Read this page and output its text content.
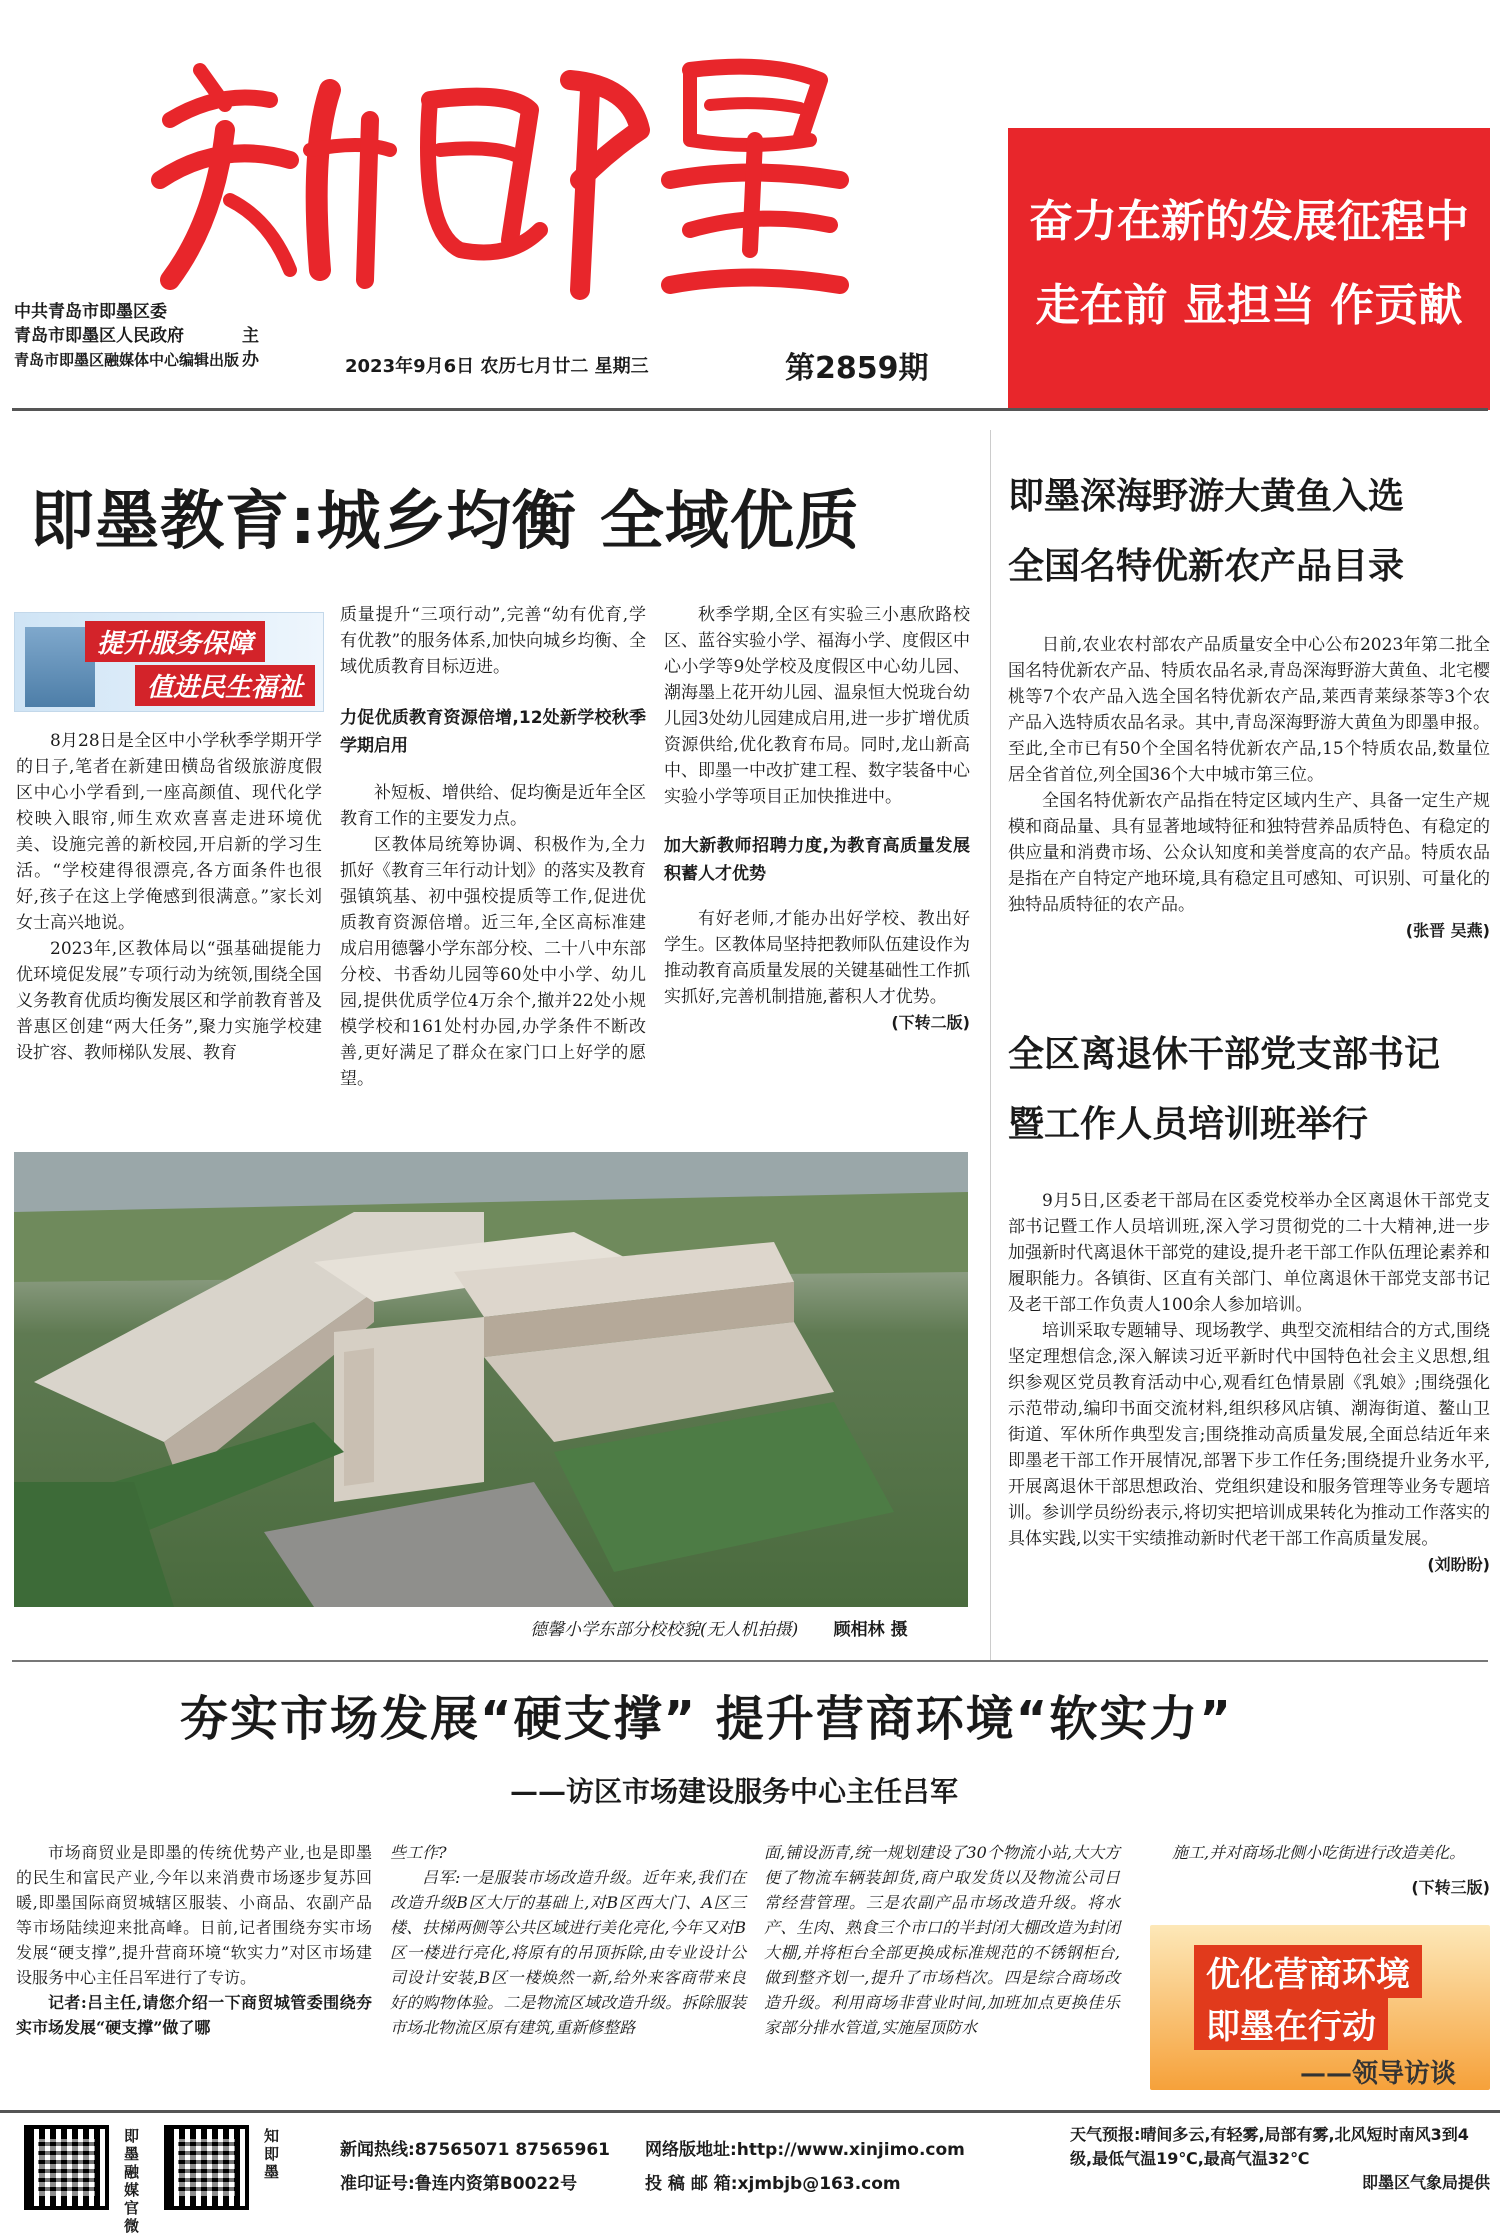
中共青岛市即墨区委
青岛市即墨区人民政府
青岛市即墨区融媒体中心编辑出版
主办	2023年9月6日 农历七月廿二 星期三	第2859期
奋力在新的发展征程中
走在前 显担当 作贡献
即墨教育:城乡均衡 全域优质
提升服务保障
值进民生福祉

8月28日是全区中小学秋季学期开学的日子,笔者在新建田横岛省级旅游度假区中心小学看到,一座高颜值、现代化学校映入眼帘,师生欢欢喜喜走进环境优美、设施完善的新校园,开启新的学习生活。“学校建得很漂亮,各方面条件也很好,孩子在这上学俺感到很满意。”家长刘女士高兴地说。

2023年,区教体局以“强基础提能力优环境促发展”专项行动为统领,围绕全国义务教育优质均衡发展区和学前教育普及普惠区创建“两大任务”,聚力实施学校建设扩容、教师梯队发展、教育

质量提升“三项行动”,完善“幼有优育,学有优教”的服务体系,加快向城乡均衡、全域优质教育目标迈进。

力促优质教育资源倍增,12处新学校秋季学期启用

补短板、增供给、促均衡是近年全区教育工作的主要发力点。

区教体局统筹协调、积极作为,全力抓好《教育三年行动计划》的落实及教育强镇筑基、初中强校提质等工作,促进优质教育资源倍增。近三年,全区高标准建成启用德馨小学东部分校、二十八中东部分校、书香幼儿园等60处中小学、幼儿园,提供优质学位4万余个,撤并22处小规模学校和161处村办园,办学条件不断改善,更好满足了群众在家门口上好学的愿望。

秋季学期,全区有实验三小惠欣路校区、蓝谷实验小学、福海小学、度假区中心小学等9处学校及度假区中心幼儿园、潮海墨上花开幼儿园、温泉恒大悦珑台幼儿园3处幼儿园建成启用,进一步扩增优质资源供给,优化教育布局。同时,龙山新高中、即墨一中改扩建工程、数字装备中心实验小学等项目正加快推进中。

加大新教师招聘力度,为教育高质量发展积蓄人才优势

有好老师,才能办出好学校、教出好学生。区教体局坚持把教师队伍建设作为推动教育高质量发展的关键基础性工作抓实抓好,完善机制措施,蓄积人才优势。

(下转二版)

德馨小学东部分校校貌(无人机拍摄) 顾相林 摄
即墨深海野游大黄鱼入选
全国名特优新农产品目录

日前,农业农村部农产品质量安全中心公布2023年第二批全国名特优新农产品、特质农品名录,青岛深海野游大黄鱼、北宅樱桃等7个农产品入选全国名特优新农产品,莱西青莱绿茶等3个农产品入选特质农品名录。其中,青岛深海野游大黄鱼为即墨申报。至此,全市已有50个全国名特优新农产品,15个特质农品,数量位居全省首位,列全国36个大中城市第三位。

全国名特优新农产品指在特定区域内生产、具备一定生产规模和商品量、具有显著地域特征和独特营养品质特色、有稳定的供应量和消费市场、公众认知度和美誉度高的农产品。特质农品是指在产自特定产地环境,具有稳定且可感知、可识别、可量化的独特品质特征的农产品。

(张晋 吴燕)

全区离退休干部党支部书记
暨工作人员培训班举行

9月5日,区委老干部局在区委党校举办全区离退休干部党支部书记暨工作人员培训班,深入学习贯彻党的二十大精神,进一步加强新时代离退休干部党的建设,提升老干部工作队伍理论素养和履职能力。各镇街、区直有关部门、单位离退休干部党支部书记及老干部工作负责人100余人参加培训。

培训采取专题辅导、现场教学、典型交流相结合的方式,围绕坚定理想信念,深入解读习近平新时代中国特色社会主义思想,组织参观区党员教育活动中心,观看红色情景剧《乳娘》;围绕强化示范带动,编印书面交流材料,组织移风店镇、潮海街道、鳌山卫街道、军休所作典型发言;围绕推动高质量发展,全面总结近年来即墨老干部工作开展情况,部署下步工作任务;围绕提升业务水平,开展离退休干部思想政治、党组织建设和服务管理等业务专题培训。参训学员纷纷表示,将切实把培训成果转化为推动工作落实的具体实践,以实干实绩推动新时代老干部工作高质量发展。

(刘盼盼)

夯实市场发展“硬支撑” 提升营商环境“软实力”
——访区市场建设服务中心主任吕军

市场商贸业是即墨的传统优势产业,也是即墨的民生和富民产业,今年以来消费市场逐步复苏回暖,即墨国际商贸城辖区服装、小商品、农副产品等市场陆续迎来批高峰。日前,记者围绕夯实市场发展“硬支撑”,提升营商环境“软实力”对区市场建设服务中心主任吕军进行了专访。

记者:吕主任,请您介绍一下商贸城管委围绕夯实市场发展“硬支撑”做了哪

些工作?

吕军:一是服装市场改造升级。近年来,我们在改造升级B区大厅的基础上,对B区西大门、A区三楼、扶梯两侧等公共区域进行美化亮化,今年又对B区一楼进行亮化,将原有的吊顶拆除,由专业设计公司设计安装,B区一楼焕然一新,给外来客商带来良好的购物体验。二是物流区域改造升级。拆除服装市场北物流区原有建筑,重新修整路

面,铺设沥青,统一规划建设了30个物流小站,大大方便了物流车辆装卸货,商户取发货以及物流公司日常经营管理。三是农副产品市场改造升级。将水产、生肉、熟食三个市口的半封闭大棚改造为封闭大棚,并将柜台全部更换成标准规范的不锈钢柜台,做到整齐划一,提升了市场档次。四是综合商场改造升级。利用商场非营业时间,加班加点更换佳乐家部分排水管道,实施屋顶防水

施工,并对商场北侧小吃街进行改造美化。

(下转三版)

优化营商环境
即墨在行动
——领导访谈
即墨融媒官微
知即墨
新闻热线:87565071 87565961
准印证号:鲁连内资第B0022号
网络版地址:http://www.xinjimo.com
投 稿 邮 箱:xjmbjb@163.com
天气预报:晴间多云,有轻雾,局部有雾,北风短时南风3到4级,最低气温19℃,最高气温32℃
即墨区气象局提供
